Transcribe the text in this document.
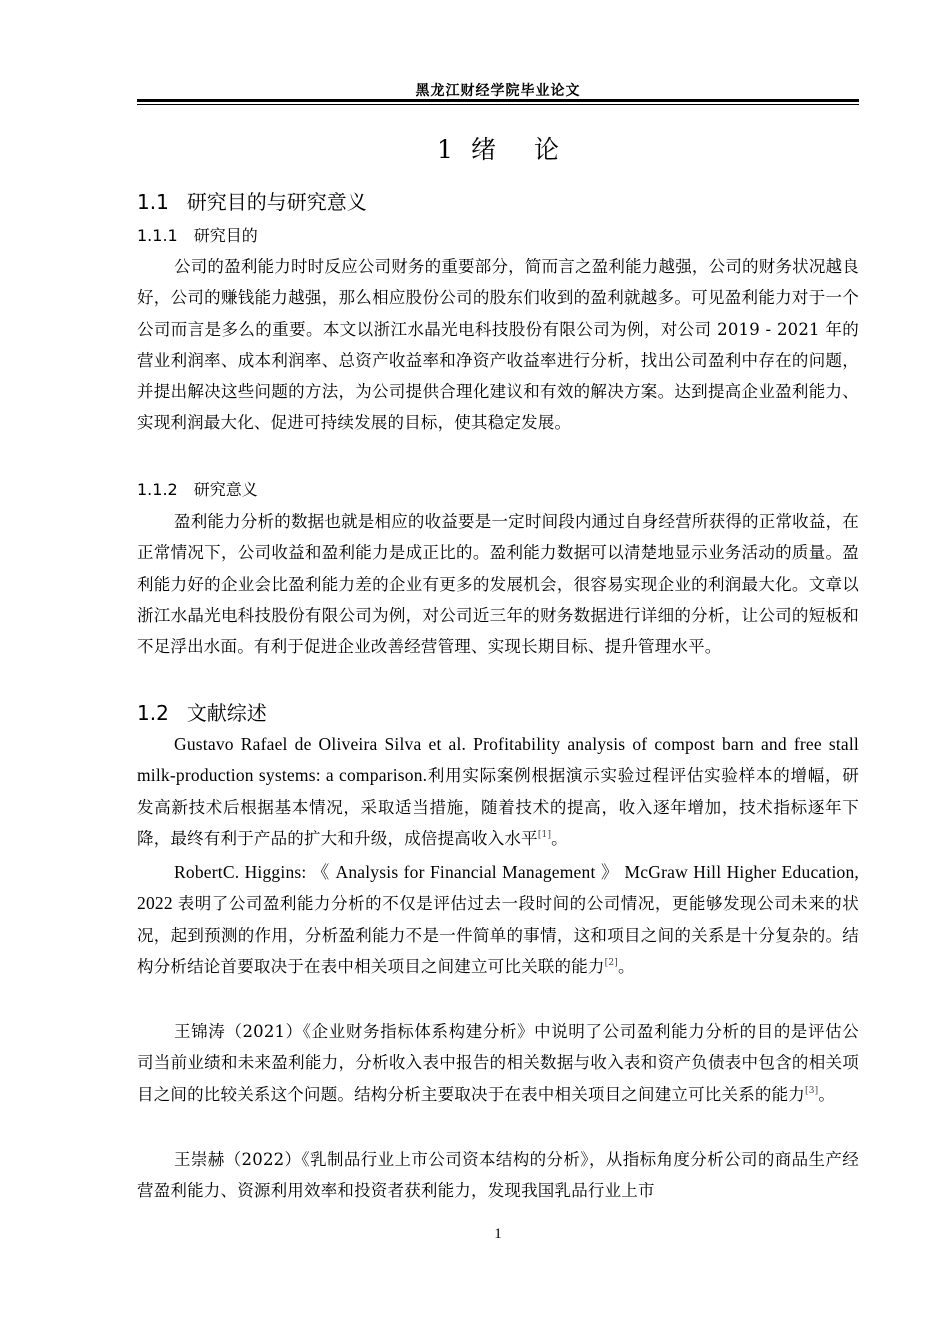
黑龙江财经学院毕业论文
1 绪 论
1.1 研究目的与研究意义
1.1.1 研究目的
公司的盈利能力时时反应公司财务的重要部分，简而言之盈利能力越强，公司的财务状况越良好，公司的赚钱能力越强，那么相应股份公司的股东们收到的盈利就越多。可见盈利能力对于一个公司而言是多么的重要。本文以浙江水晶光电科技股份有限公司为例，对公司 2019 - 2021 年的营业利润率、成本利润率、总资产收益率和净资产收益率进行分析，找出公司盈利中存在的问题，并提出解决这些问题的方法，为公司提供合理化建议和有效的解决方案。达到提高企业盈利能力、实现利润最大化、促进可持续发展的目标，使其稳定发展。
1.1.2 研究意义
盈利能力分析的数据也就是相应的收益要是一定时间段内通过自身经营所获得的正常收益，在正常情况下，公司收益和盈利能力是成正比的。盈利能力数据可以清楚地显示业务活动的质量。盈利能力好的企业会比盈利能力差的企业有更多的发展机会，很容易实现企业的利润最大化。文章以浙江水晶光电科技股份有限公司为例，对公司近三年的财务数据进行详细的分析，让公司的短板和不足浮出水面。有利于促进企业改善经营管理、实现长期目标、提升管理水平。
1.2 文献综述
Gustavo Rafael de Oliveira Silva et al. Profitability analysis of compost barn and free stall milk-production systems: a comparison.利用实际案例根据演示实验过程评估实验样本的增幅，研发高新技术后根据基本情况，采取适当措施，随着技术的提高，收入逐年增加，技术指标逐年下降，最终有利于产品的扩大和升级，成倍提高收入水平[1]。
RobertC. Higgins: 《 Analysis for Financial Management 》 McGraw Hill Higher Education, 2022 表明了公司盈利能力分析的不仅是评估过去一段时间的公司情况，更能够发现公司未来的状况，起到预测的作用，分析盈利能力不是一件简单的事情，这和项目之间的关系是十分复杂的。结构分析结论首要取决于在表中相关项目之间建立可比关联的能力[2]。
王锦涛（2021）《企业财务指标体系构建分析》中说明了公司盈利能力分析的目的是评估公司当前业绩和未来盈利能力，分析收入表中报告的相关数据与收入表和资产负债表中包含的相关项目之间的比较关系这个问题。结构分析主要取决于在表中相关项目之间建立可比关系的能力[3]。
王崇赫（2022）《乳制品行业上市公司资本结构的分析》，从指标角度分析公司的商品生产经营盈利能力、资源利用效率和投资者获利能力，发现我国乳品行业上市
1
